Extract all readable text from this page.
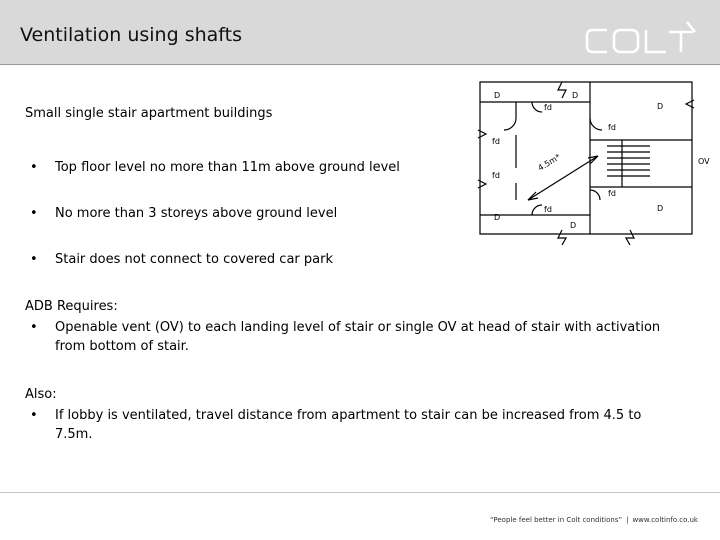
Ventilation using shafts	COLT
Small single stair apartment buildings
• Top floor level no more than 11m above ground level
• No more than 3 storeys above ground level
• Stair does not connect to covered car park
ADB Requires:
• Openable vent (OV) to each landing level of stair or single OV at head of stair with activation from bottom of stair.
Also:
• If lobby is ventilated, travel distance from apartment to stair can be increased from 4.5 to 7.5m.
D	D
D
D
D
D
fd
fd
fd
fd
fd
fd
OV
4.5m*
“People feel better in Colt conditions” | www.coltinfo.co.uk
